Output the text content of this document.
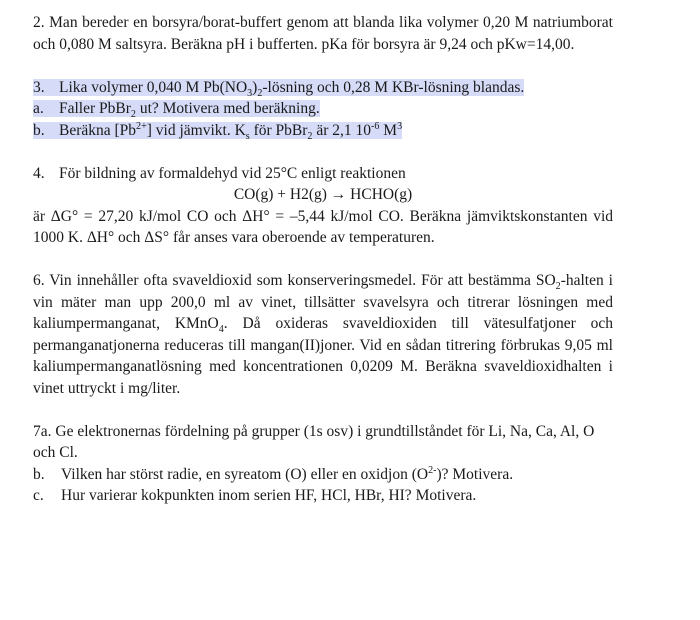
2. Man bereder en borsyra/borat-buffert genom att blanda lika volymer 0,20 M natriumborat och 0,080 M saltsyra. Beräkna pH i bufferten. pKa för borsyra är 9,24 och pKw=14,00.

3. Lika volymer 0,040 M $Pb(NO_3)_2$-lösning och 0,28 M KBr-lösning blandas.

a. Faller PbBr$_2$ ut? Motivera med beräkning.

b. Beräkna $[Pb^{2+}]$ vid jämvikt. $K_s$ för PbBr$_2$ är 2,1 $10^{-6}$ $M^3$

4. För bildning av formaldehyd vid 25°C enligt reaktionen

CO(g) + H2(g) → HCHO(g)

är ΔG° = 27,20 kJ/mol CO och ΔH° = –5,44 kJ/mol CO. Beräkna jämviktskonstanten vid 1000 K. ΔH° och ΔS° får anses vara oberoende av temperaturen.

6. Vin innehåller ofta svaveldioxid som konserveringsmedel. För att bestämma $SO_2$-halten i vin mäter man upp 200,0 ml av vinet, tillsätter svavelsyra och titrerar lösningen med kaliumpermanganat, KMnO$_4$. Då oxideras svaveldioxiden till vätesulfatjoner och permanganatjonerna reduceras till mangan(II)joner. Vid en sådan titrering förbrukas 9,05 ml kaliumpermanganatlösning med koncentrationen 0,0209 M. Beräkna svaveldioxidhalten i vinet uttryckt i mg/liter.

7a. Ge elektronernas fördelning på grupper (1s osv) i grundtillståndet för Li, Na, Ca, Al, O och Cl.

b. Vilken har störst radie, en syreatom (O) eller en oxidjon $(O^{2-})$? Motivera.

c. Hur varierar kokpunkten inom serien HF, HCl, HBr, HI? Motivera.
